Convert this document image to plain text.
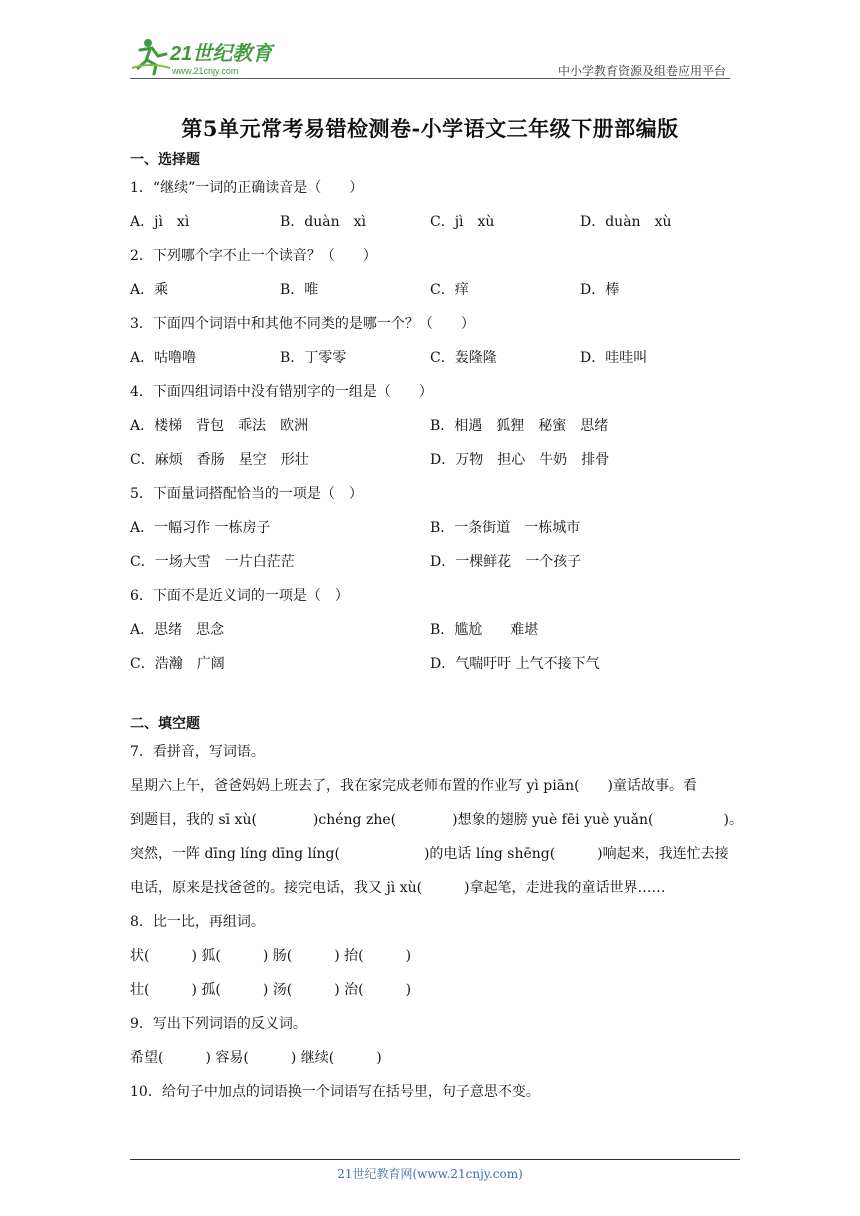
21世纪教育
www.21cnjy.com	中小学教育资源及组卷应用平台
第5单元常考易错检测卷-小学语文三年级下册部编版
一、选择题
1．“继续”一词的正确读音是（　　）
A．jì　xì	B．duàn　xì	C．jì　xù	D．duàn　xù
2．下列哪个字不止一个读音？（　　）
A．乘	B．唯	C．痒	D．棒
3．下面四个词语中和其他不同类的是哪一个？（　　）
A．咕噜噜	B．丁零零	C．轰隆隆	D．哇哇叫
4．下面四组词语中没有错别字的一组是（　　）
A．楼梯　背包　乖法　欧洲	B．相遇　狐狸　秘蜜　思绪
C．麻烦　香肠　星空　形壮	D．万物　担心　牛奶　排骨
5．下面量词搭配恰当的一项是（　）
A．一幅习作 一栋房子	B．一条街道　一栋城市
C．一场大雪　一片白茫茫	D．一棵鲜花　一个孩子
6．下面不是近义词的一项是（　）
A．思绪　思念	B．尴尬　　难堪
C．浩瀚　广阔	D．气喘吁吁 上气不接下气
二、填空题
7．看拼音，写词语。
星期六上午，爸爸妈妈上班去了，我在家完成老师布置的作业写 yì piān(　　)童话故事。看
到题目，我的 sī xù(　　　　)chéng zhe(　　　　)想象的翅膀 yuè fēi yuè yuǎn(　　　　　)。
突然，一阵 dīng líng dīng líng(　　　　　　)的电话 líng shēng(　　　)响起来，我连忙去接
电话，原来是找爸爸的。接完电话，我又 jì xù(　　　)拿起笔，走进我的童话世界……
8．比一比，再组词。
状(　　　) 狐(　　　) 肠(　　　) 抬(　　　)
壮(　　　) 孤(　　　) 汤(　　　) 治(　　　)
9．写出下列词语的反义词。
希望(　　　) 容易(　　　) 继续(　　　)
10．给句子中加点的词语换一个词语写在括号里，句子意思不变。
21世纪教育网(www.21cnjy.com)
